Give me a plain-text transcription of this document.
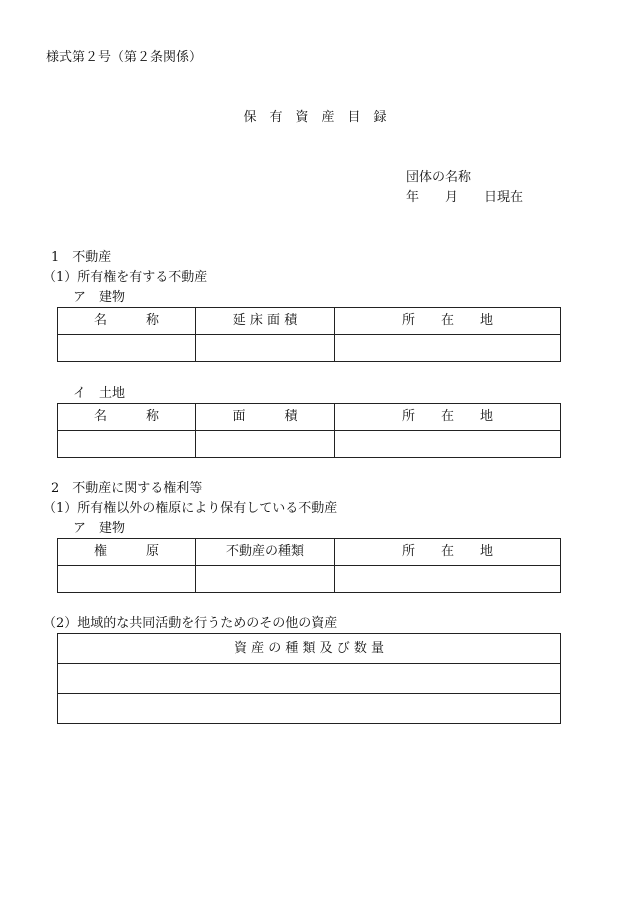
様式第２号（第２条関係）
保　有　資　産　目　録
団体の名称
年　　月　　日現在
1　不動産
（1）所有権を有する不動産
ア　建物
名　　　称	延 床 面 積	所　　在　　地

イ　土地
名　　　称	面　　　積	所　　在　　地

2　不動産に関する権利等
（1）所有権以外の権原により保有している不動産
ア　建物
権　　　原	不動産の種類	所　　在　　地

（2）地域的な共同活動を行うためのその他の資産
資 産 の 種 類 及 び 数 量
